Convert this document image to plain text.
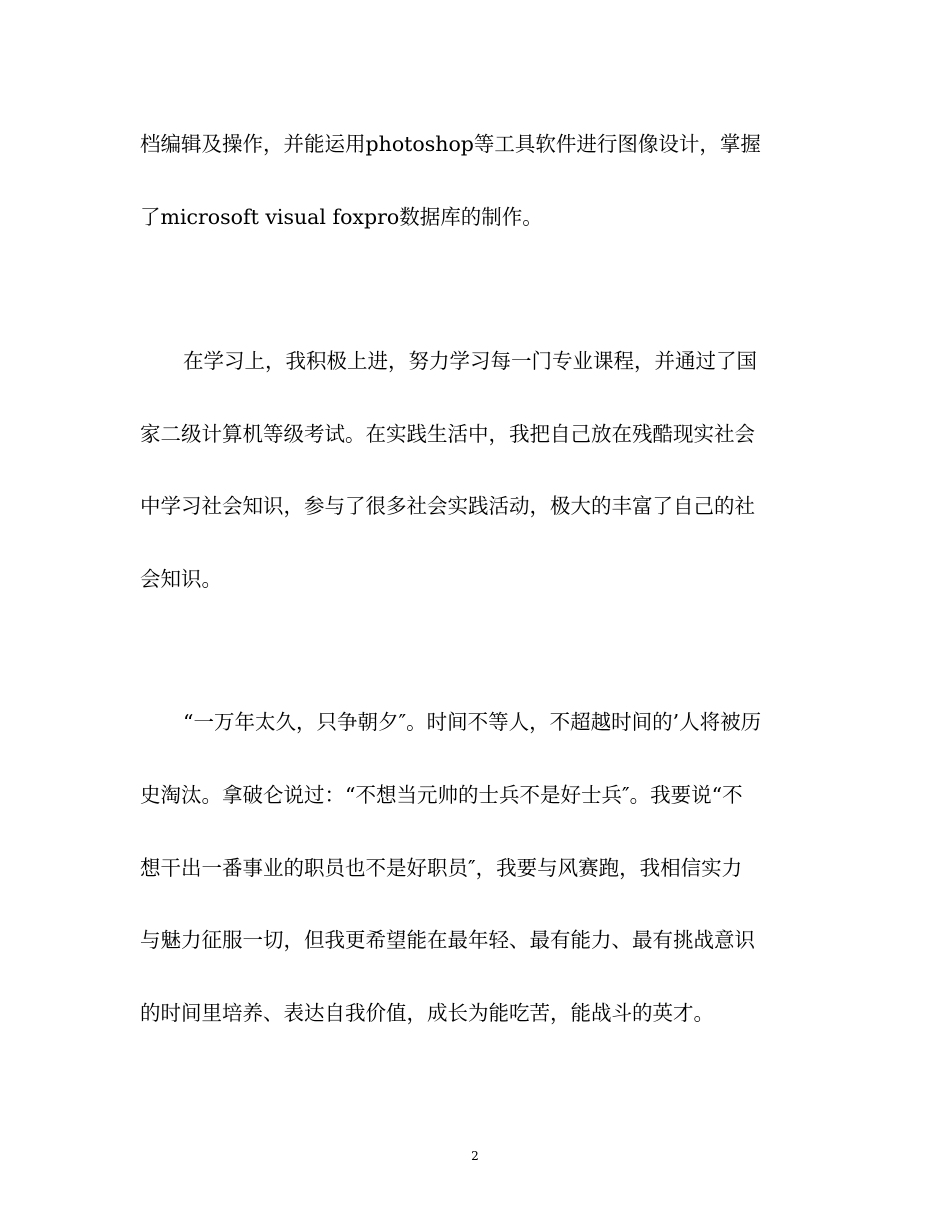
档编辑及操作，并能运用photoshop等工具软件进行图像设计，掌握
了microsoft visual foxpro数据库的制作。
在学习上，我积极上进，努力学习每一门专业课程，并通过了国
家二级计算机等级考试。在实践生活中，我把自己放在残酷现实社会
中学习社会知识，参与了很多社会实践活动，极大的丰富了自己的社
会知识。
“一万年太久，只争朝夕″。时间不等人，不超越时间的’人将被历
史淘汰。拿破仑说过：“不想当元帅的士兵不是好士兵″。我要说“不
想干出一番事业的职员也不是好职员″，我要与风赛跑，我相信实力
与魅力征服一切，但我更希望能在最年轻、最有能力、最有挑战意识
的时间里培养、表达自我价值，成长为能吃苦，能战斗的英才。
2
